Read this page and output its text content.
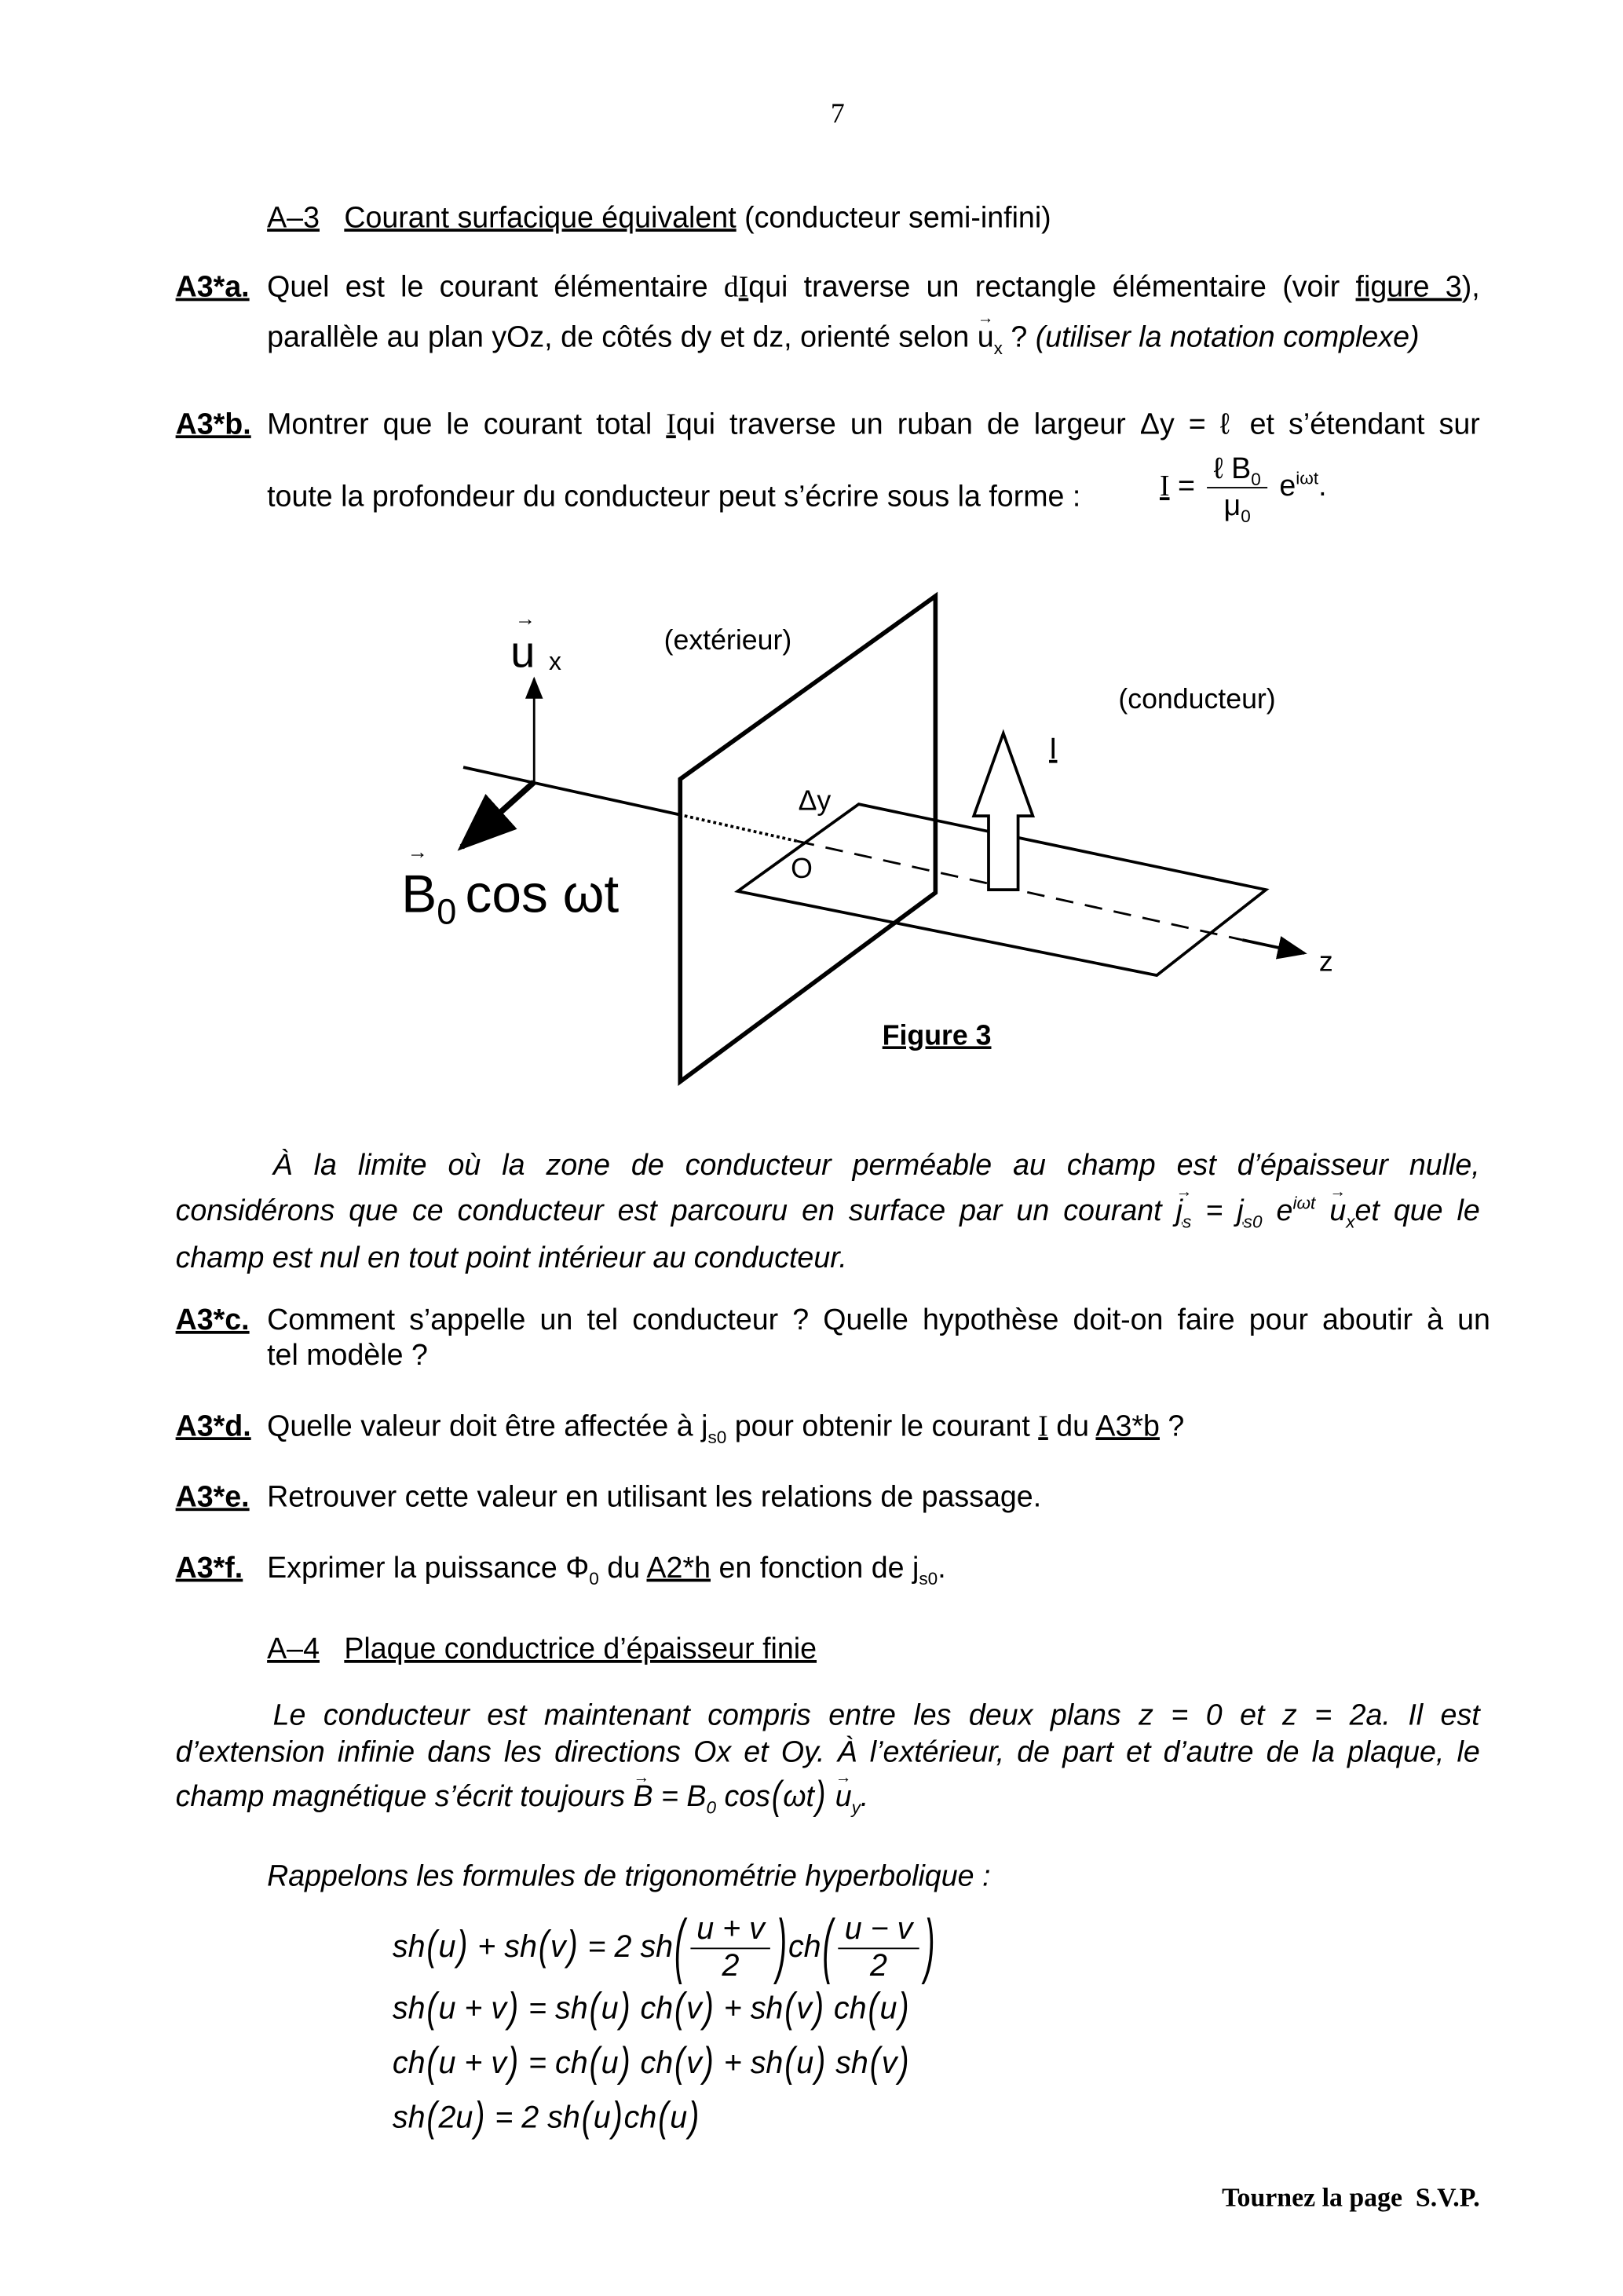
7
A–3 Courant surfacique équivalent (conducteur semi-infini)
A3*a. Quel est le courant élémentaire dIqui traverse un rectangle élémentaire (voir figure 3),
parallèle au plan yOz, de côtés dy et dz, orienté selon → $u_x$ ? (utiliser la notation complexe)
A3*b. Montrer que le courant total Iqui traverse un ruban de largeur Δy = ℓ et s’étendant sur
toute la profondeur du conducteur peut s’écrire sous la forme :	$I = \frac{\ell B_0}{\mu_0} e^{i\omega t}$.
u
→
x
(extérieur)
(conducteur)
I
Δy
O
$B_0$ cos ωt
→
z
Figure 3
À la limite où la zone de conducteur perméable au champ est d’épaisseur nulle,
considérons que ce conducteur est parcouru en surface par un courant → $j_s = j_{s0}$ $e^{i\omega t} \to u_xet$ que le
champ est nul en tout point intérieur au conducteur.
A3*c. Comment s’appelle un tel conducteur ? Quelle hypothèse doit-on faire pour aboutir à un
tel modèle ?
A3*d. Quelle valeur doit être affectée à $j_{s0}$ pour obtenir le courant I du A3*b ?
A3*e. Retrouver cette valeur en utilisant les relations de passage.
A3*f. Exprimer la puissance $\Phi_0$ du A2*h en fonction de $j_{s0}$.
A–4 Plaque conductrice d’épaisseur finie
Le conducteur est maintenant compris entre les deux plans z = 0 et z = 2a. Il est
d’extension infinie dans les directions Ox et Oy. À l’extérieur, de part et d’autre de la plaque, le
champ magnétique s’écrit toujours → $B = B_0$ $\cos(\omega t) \to u_y$.
Rappelons les formules de trigonométrie hyperbolique :
sh(u) + sh(v) = 2 $sh( \frac{u + v}{2} )ch( \frac{u - v}{2}$ )
sh(u + v) = sh(u) ch(v) + sh(v) ch(u)
ch(u + v) = ch(u) ch(v) + sh(u) sh(v)
sh(2u) = 2 sh(u)ch(u)
Tournez la page  S.V.P.
